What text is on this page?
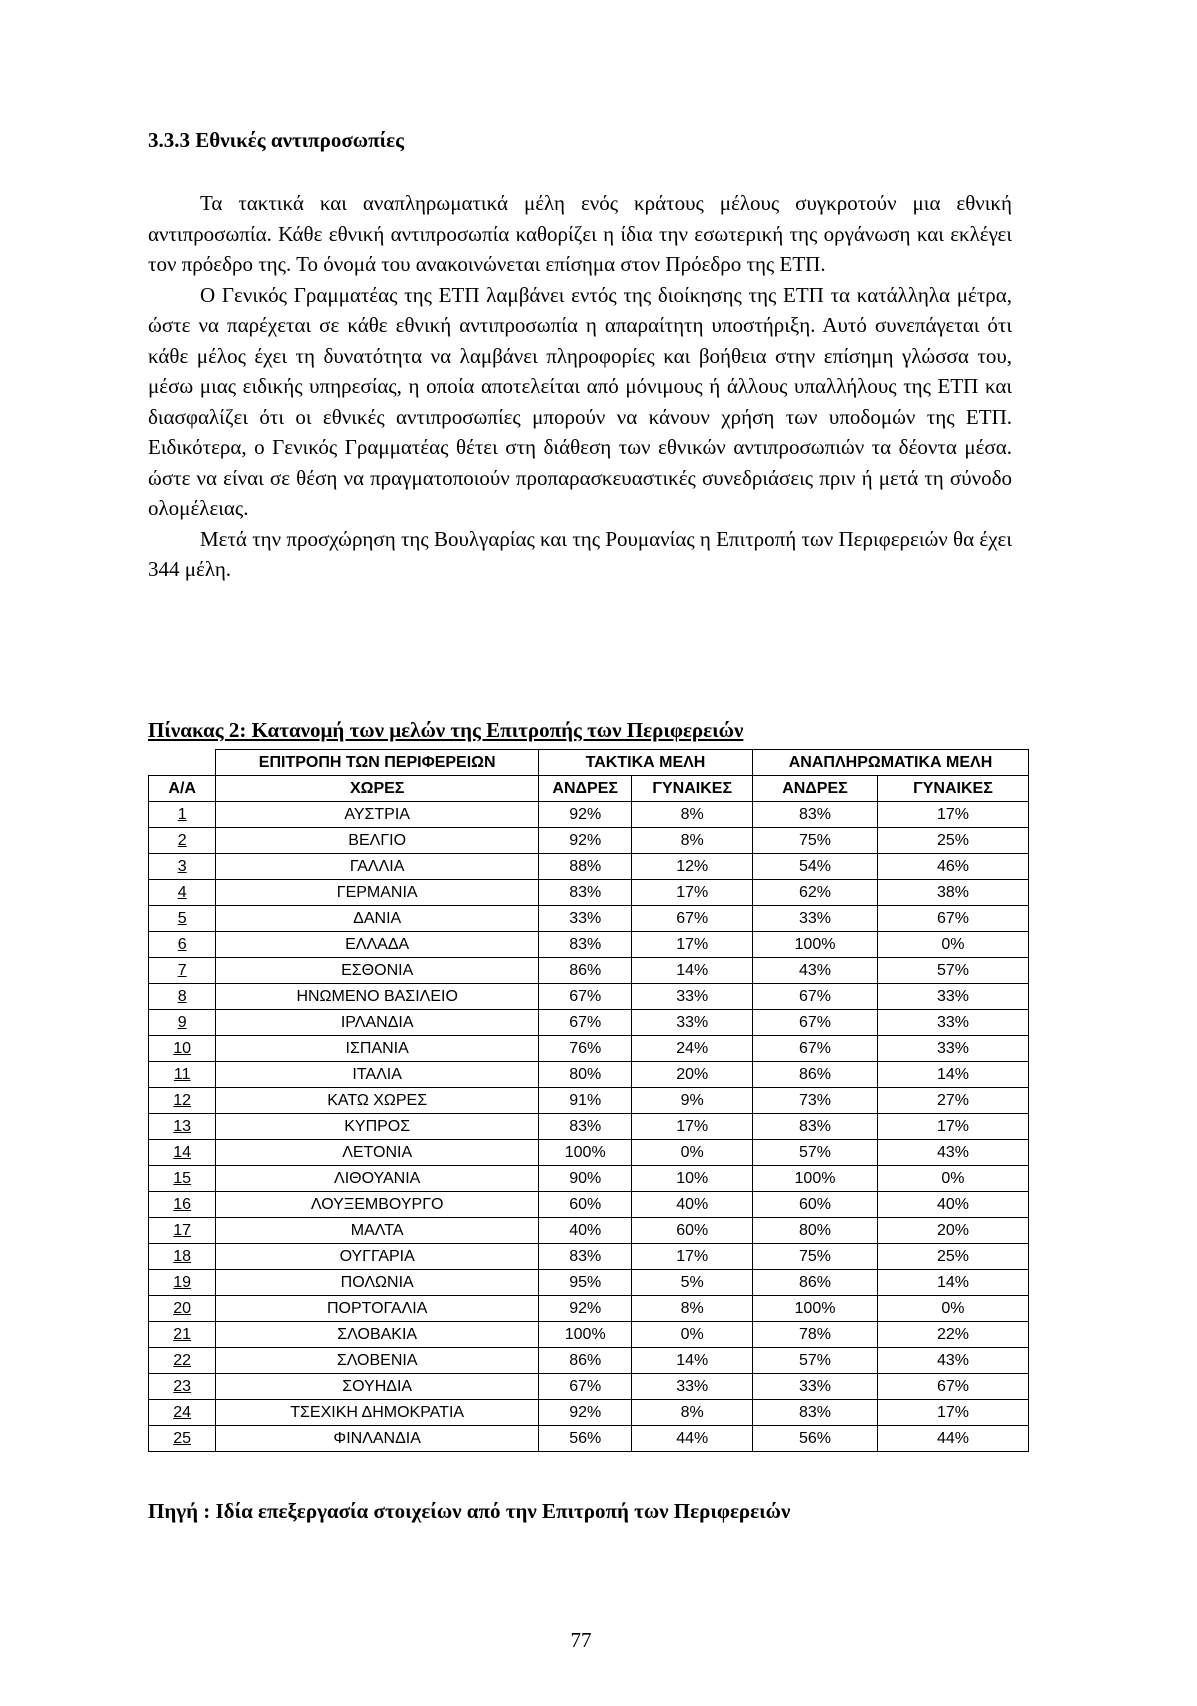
3.3.3 Εθνικές αντιπροσωπίες

Τα τακτικά και αναπληρωματικά μέλη ενός κράτους μέλους συγκροτούν μια εθνική αντιπροσωπία. Κάθε εθνική αντιπροσωπία καθορίζει η ίδια την εσωτερική της οργάνωση και εκλέγει τον πρόεδρο της. Το όνομά του ανακοινώνεται επίσημα στον Πρόεδρο της ΕΤΠ.

Ο Γενικός Γραμματέας της ΕΤΠ λαμβάνει εντός της διοίκησης της ΕΤΠ τα κατάλληλα μέτρα, ώστε να παρέχεται σε κάθε εθνική αντιπροσωπία η απαραίτητη υποστήριξη. Αυτό συνεπάγεται ότι κάθε μέλος έχει τη δυνατότητα να λαμβάνει πληροφορίες και βοήθεια στην επίσημη γλώσσα του, μέσω μιας ειδικής υπηρεσίας, η οποία αποτελείται από μόνιμους ή άλλους υπαλλήλους της ΕΤΠ και διασφαλίζει ότι οι εθνικές αντιπροσωπίες μπορούν να κάνουν χρήση των υποδομών της ΕΤΠ. Ειδικότερα, ο Γενικός Γραμματέας θέτει στη διάθεση των εθνικών αντιπροσωπιών τα δέοντα μέσα. ώστε να είναι σε θέση να πραγματοποιούν προπαρασκευαστικές συνεδριάσεις πριν ή μετά τη σύνοδο ολομέλειας.

Μετά την προσχώρηση της Βουλγαρίας και της Ρουμανίας η Επιτροπή των Περιφερειών θα έχει 344 μέλη.

Πίνακας 2: Κατανομή των μελών της Επιτροπής των Περιφερειών
	ΕΠΙΤΡΟΠΗ ΤΩΝ ΠΕΡΙΦΕΡΕΙΩΝ	ΤΑΚΤΙΚΑ ΜΕΛΗ		ΑΝΑΠΛΗΡΩΜΑΤΙΚΑ ΜΕΛΗ	
Α/Α	ΧΩΡΕΣ	ΑΝΔΡΕΣ	ΓΥΝΑΙΚΕΣ	ΑΝΔΡΕΣ	ΓΥΝΑΙΚΕΣ
1	ΑΥΣΤΡΙΑ	92%	8%	83%	17%
2	ΒΕΛΓΙΟ	92%	8%	75%	25%
3	ΓΑΛΛΙΑ	88%	12%	54%	46%
4	ΓΕΡΜΑΝΙΑ	83%	17%	62%	38%
5	ΔΑΝΙΑ	33%	67%	33%	67%
6	ΕΛΛΑΔΑ	83%	17%	100%	0%
7	ΕΣΘΟΝΙΑ	86%	14%	43%	57%
8	ΗΝΩΜΕΝΟ ΒΑΣΙΛΕΙΟ	67%	33%	67%	33%
9	ΙΡΛΑΝΔΙΑ	67%	33%	67%	33%
10	ΙΣΠΑΝΙΑ	76%	24%	67%	33%
11	ΙΤΑΛΙΑ	80%	20%	86%	14%
12	ΚΑΤΩ ΧΩΡΕΣ	91%	9%	73%	27%
13	ΚΥΠΡΟΣ	83%	17%	83%	17%
14	ΛΕΤΟΝΙΑ	100%	0%	57%	43%
15	ΛΙΘΟΥΑΝΙΑ	90%	10%	100%	0%
16	ΛΟΥΞΕΜΒΟΥΡΓΟ	60%	40%	60%	40%
17	ΜΑΛΤΑ	40%	60%	80%	20%
18	ΟΥΓΓΑΡΙΑ	83%	17%	75%	25%
19	ΠΟΛΩΝΙΑ	95%	5%	86%	14%
20	ΠΟΡΤΟΓΑΛΙΑ	92%	8%	100%	0%
21	ΣΛΟΒΑΚΙΑ	100%	0%	78%	22%
22	ΣΛΟΒΕΝΙΑ	86%	14%	57%	43%
23	ΣΟΥΗΔΙΑ	67%	33%	33%	67%
24	ΤΣΕΧΙΚΗ ΔΗΜΟΚΡΑΤΙΑ	92%	8%	83%	17%
25	ΦΙΝΛΑΝΔΙΑ	56%	44%	56%	44%
Πηγή : Ιδία επεξεργασία στοιχείων από την Επιτροπή των Περιφερειών
77
